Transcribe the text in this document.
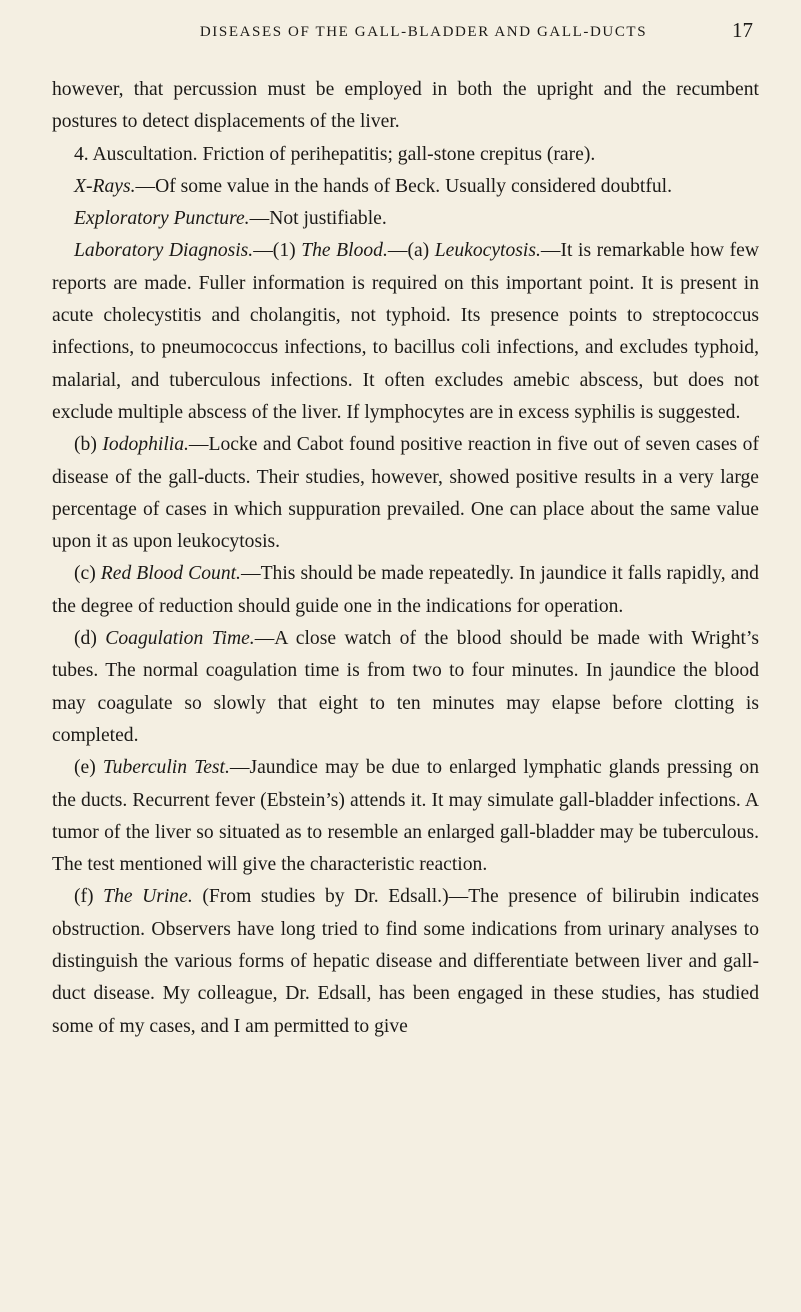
DISEASES OF THE GALL-BLADDER AND GALL-DUCTS	17

however, that percussion must be employed in both the upright and the recumbent postures to detect displacements of the liver.

4. Auscultation. Friction of perihepatitis; gall-stone crepitus (rare).

X-Rays.—Of some value in the hands of Beck. Usually considered doubtful.

Exploratory Puncture.—Not justifiable.

Laboratory Diagnosis.—(1) The Blood.—(a) Leukocytosis.—It is remarkable how few reports are made. Fuller information is required on this important point. It is present in acute cholecystitis and cholangitis, not typhoid. Its presence points to streptococcus infections, to pneumococcus infections, to bacillus coli infections, and excludes typhoid, malarial, and tuberculous infections. It often excludes amebic abscess, but does not exclude multiple abscess of the liver. If lymphocytes are in excess syphilis is suggested.

(b) Iodophilia.—Locke and Cabot found positive reaction in five out of seven cases of disease of the gall-ducts. Their studies, however, showed positive results in a very large percentage of cases in which suppuration prevailed. One can place about the same value upon it as upon leukocytosis.

(c) Red Blood Count.—This should be made repeatedly. In jaundice it falls rapidly, and the degree of reduction should guide one in the indications for operation.

(d) Coagulation Time.—A close watch of the blood should be made with Wright’s tubes. The normal coagulation time is from two to four minutes. In jaundice the blood may coagulate so slowly that eight to ten minutes may elapse before clotting is completed.

(e) Tuberculin Test.—Jaundice may be due to enlarged lymphatic glands pressing on the ducts. Recurrent fever (Ebstein’s) attends it. It may simulate gall-bladder infections. A tumor of the liver so situated as to resemble an enlarged gall-bladder may be tuberculous. The test mentioned will give the characteristic reaction.

(f) The Urine. (From studies by Dr. Edsall.)—The presence of bilirubin indicates obstruction. Observers have long tried to find some indications from urinary analyses to distinguish the various forms of hepatic disease and differentiate between liver and gall-duct disease. My colleague, Dr. Edsall, has been engaged in these studies, has studied some of my cases, and I am permitted to give
